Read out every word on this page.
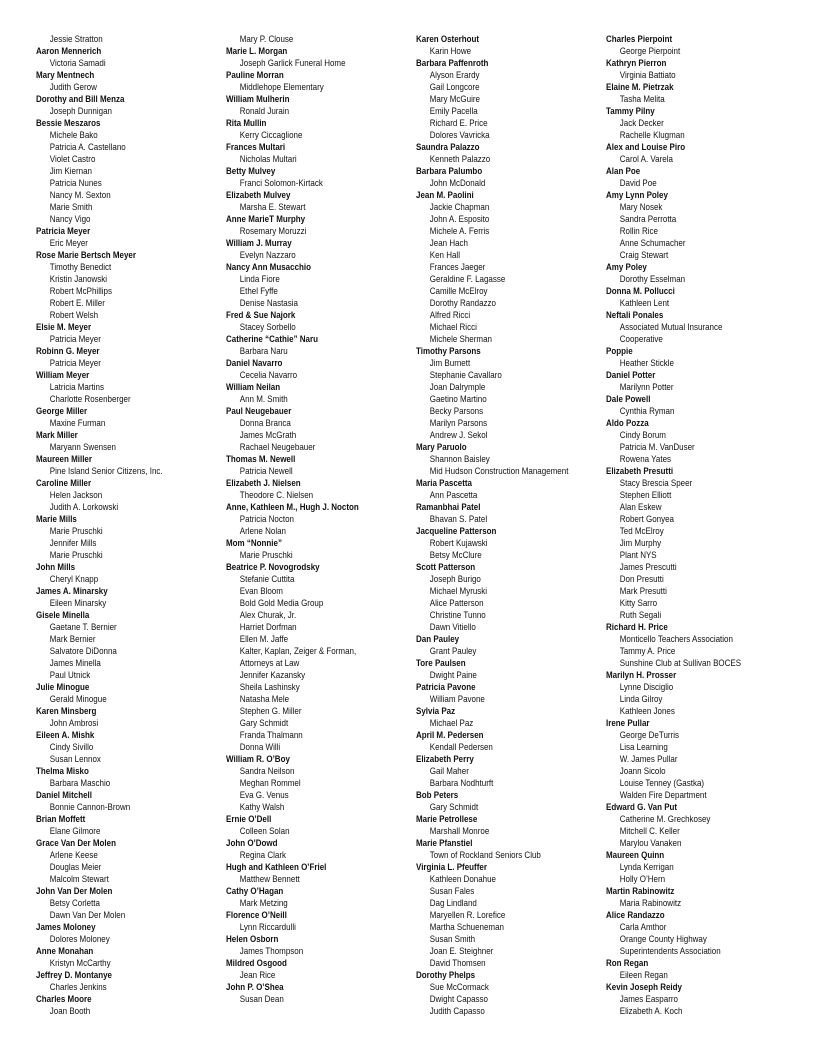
Jessie Stratton
Aaron Mennerich
Victoria Samadi
Mary Mentnech
Judith Gerow
Dorothy and Bill Menza
Joseph Dunnigan
Bessie Meszaros
Michele Bako
Patricia A. Castellano
Violet Castro
Jim Kiernan
Patricia Nunes
Nancy M. Sexton
Marie Smith
Nancy Vigo
Patricia Meyer
Eric Meyer
Rose Marie Bertsch Meyer
Timothy Benedict
Kristin Janowski
Robert McPhillips
Robert E. Miller
Robert Welsh
Elsie M. Meyer
Patricia Meyer
Robinn G. Meyer
Patricia Meyer
William Meyer
Latricia Martins
Charlotte Rosenberger
George Miller
Maxine Furman
Mark Miller
Maryann Swensen
Maureen Miller
Pine Island Senior Citizens, Inc.
Caroline Miller
Helen Jackson
Judith A. Lorkowski
Marie Mills
Marie Pruschki
Jennifer Mills
Marie Pruschki
John Mills
Cheryl Knapp
James A. Minarsky
Eileen Minarsky
Gisele Minella
Gaetane T. Bernier
Mark Bernier
Salvatore DiDonna
James Minella
Paul Utnick
Julie Minogue
Gerald Minogue
Karen Minsberg
John Ambrosi
Eileen A. Mishk
Cindy Sivillo
Susan Lennox
Thelma Misko
Barbara Maschio
Daniel Mitchell
Bonnie Cannon-Brown
Brian Moffett
Elane Gilmore
Grace Van Der Molen
Arlene Keese
Douglas Meier
Malcolm Stewart
John Van Der Molen
Betsy Corletta
Dawn Van Der Molen
James Moloney
Dolores Moloney
Anne Monahan
Kristyn McCarthy
Jeffrey D. Montanye
Charles Jenkins
Charles Moore
Joan Booth
Mary P. Clouse
Marie L. Morgan
Joseph Garlick Funeral Home
Pauline Morran
Middlehope Elementary
William Mulherin
Ronald Jurain
Rita Mullin
Kerry Ciccaglione
Frances Multari
Nicholas Multari
Betty Mulvey
Franci Solomon-Kirtack
Elizabeth Mulvey
Marsha E. Stewart
Anne MarieT Murphy
Rosemary Moruzzi
William J. Murray
Evelyn Nazzaro
Nancy Ann Musacchio
Linda Fiore
Ethel Fyffe
Denise Nastasia
Fred & Sue Najork
Stacey Sorbello
Catherine “Cathie” Naru
Barbara Naru
Daniel Navarro
Cecelia Navarro
William Neilan
Ann M. Smith
Paul Neugebauer
Donna Branca
James McGrath
Rachael Neugebauer
Thomas M. Newell
Patricia Newell
Elizabeth J. Nielsen
Theodore C. Nielsen
Anne, Kathleen M., Hugh J. Nocton
Patricia Nocton
Arlene Nolan
Mom “Nonnie”
Marie Pruschki
Beatrice P. Novogrodsky
Stefanie Cuttita
Evan Bloom
Bold Gold Media Group
Alex Churak, Jr.
Harriet Dorfman
Ellen M. Jaffe
Kalter, Kaplan, Zeiger & Forman,
Attorneys at Law
Jennifer Kazansky
Sheila Lashinsky
Natasha Mele
Stephen G. Miller
Gary Schmidt
Franda Thalmann
Donna Willi
William R. O’Boy
Sandra Neilson
Meghan Rommel
Eva G. Venus
Kathy Walsh
Ernie O’Dell
Colleen Solan
John O’Dowd
Regina Clark
Hugh and Kathleen O’Friel
Matthew Bennett
Cathy O’Hagan
Mark Metzing
Florence O’Neill
Lynn Riccardulli
Helen Osborn
James Thompson
Mildred Osgood
Jean Rice
John P. O’Shea
Susan Dean
Karen Osterhout
Karin Howe
Barbara Paffenroth
Alyson Erardy
Gail Longcore
Mary McGuire
Emily Pacella
Richard E. Price
Dolores Vavricka
Saundra Palazzo
Kenneth Palazzo
Barbara Palumbo
John McDonald
Jean M. Paolini
Jackie Chapman
John A. Esposito
Michele A. Ferris
Jean Hach
Ken Hall
Frances Jaeger
Geraldine F. Lagasse
Camille McElroy
Dorothy Randazzo
Alfred Ricci
Michael Ricci
Michele Sherman
Timothy Parsons
Jim Burnett
Stephanie Cavallaro
Joan Dalrymple
Gaetino Martino
Becky Parsons
Marilyn Parsons
Andrew J. Sekol
Mary Paruolo
Shannon Baisley
Mid Hudson Construction Management
Maria Pascetta
Ann Pascetta
Ramanbhai Patel
Bhavan S. Patel
Jacqueline Patterson
Robert Kujawski
Betsy McClure
Scott Patterson
Joseph Burigo
Michael Myruski
Alice Patterson
Christine Tunno
Dawn Vitiello
Dan Pauley
Grant Pauley
Tore Paulsen
Dwight Paine
Patricia Pavone
William Pavone
Sylvia Paz
Michael Paz
April M. Pedersen
Kendall Pedersen
Elizabeth Perry
Gail Maher
Barbara Nodhturft
Bob Peters
Gary Schmidt
Marie Petrollese
Marshall Monroe
Marie Pfanstiel
Town of Rockland Seniors Club
Virginia L. Pfeuffer
Kathleen Donahue
Susan Fales
Dag Lindland
Maryellen R. Lorefice
Martha Schueneman
Susan Smith
Joan E. Steighner
David Thomsen
Dorothy Phelps
Sue McCormack
Dwight Capasso
Judith Capasso
Charles Pierpoint
George Pierpoint
Kathryn Pierron
Virginia Battiato
Elaine M. Pietrzak
Tasha Melita
Tammy Pilny
Jack Decker
Rachelle Klugman
Alex and Louise Piro
Carol A. Varela
Alan Poe
David Poe
Amy Lynn Poley
Mary Nosek
Sandra Perrotta
Rollin Rice
Anne Schumacher
Craig Stewart
Amy Poley
Dorothy Esselman
Donna M. Pollucci
Kathleen Lent
Neftali Ponales
Associated Mutual Insurance
Cooperative
Poppie
Heather Stickle
Daniel Potter
Marilynn Potter
Dale Powell
Cynthia Ryman
Aldo Pozza
Cindy Borum
Patricia M. VanDuser
Rowena Yates
Elizabeth Presutti
Stacy Brescia Speer
Stephen Elliott
Alan Eskew
Robert Gonyea
Ted McElroy
Jim Murphy
Plant NYS
James Prescutti
Don Presutti
Mark Presutti
Kitty Sarro
Ruth Segali
Richard H. Price
Monticello Teachers Association
Tammy A. Price
Sunshine Club at Sullivan BOCES
Marilyn H. Prosser
Lynne Disciglio
Linda Gilroy
Kathleen Jones
Irene Pullar
George DeTurris
Lisa Learning
W. James Pullar
Joann Sicolo
Louise Tenney (Gastka)
Walden Fire Department
Edward G. Van Put
Catherine M. Grechkosey
Mitchell C. Keller
Marylou Vanaken
Maureen Quinn
Lynda Kerrigan
Holly O’Hern
Martin Rabinowitz
Maria Rabinowitz
Alice Randazzo
Carla Amthor
Orange County Highway
Superintendents Association
Ron Regan
Eileen Regan
Kevin Joseph Reidy
James Easparro
Elizabeth A. Koch
